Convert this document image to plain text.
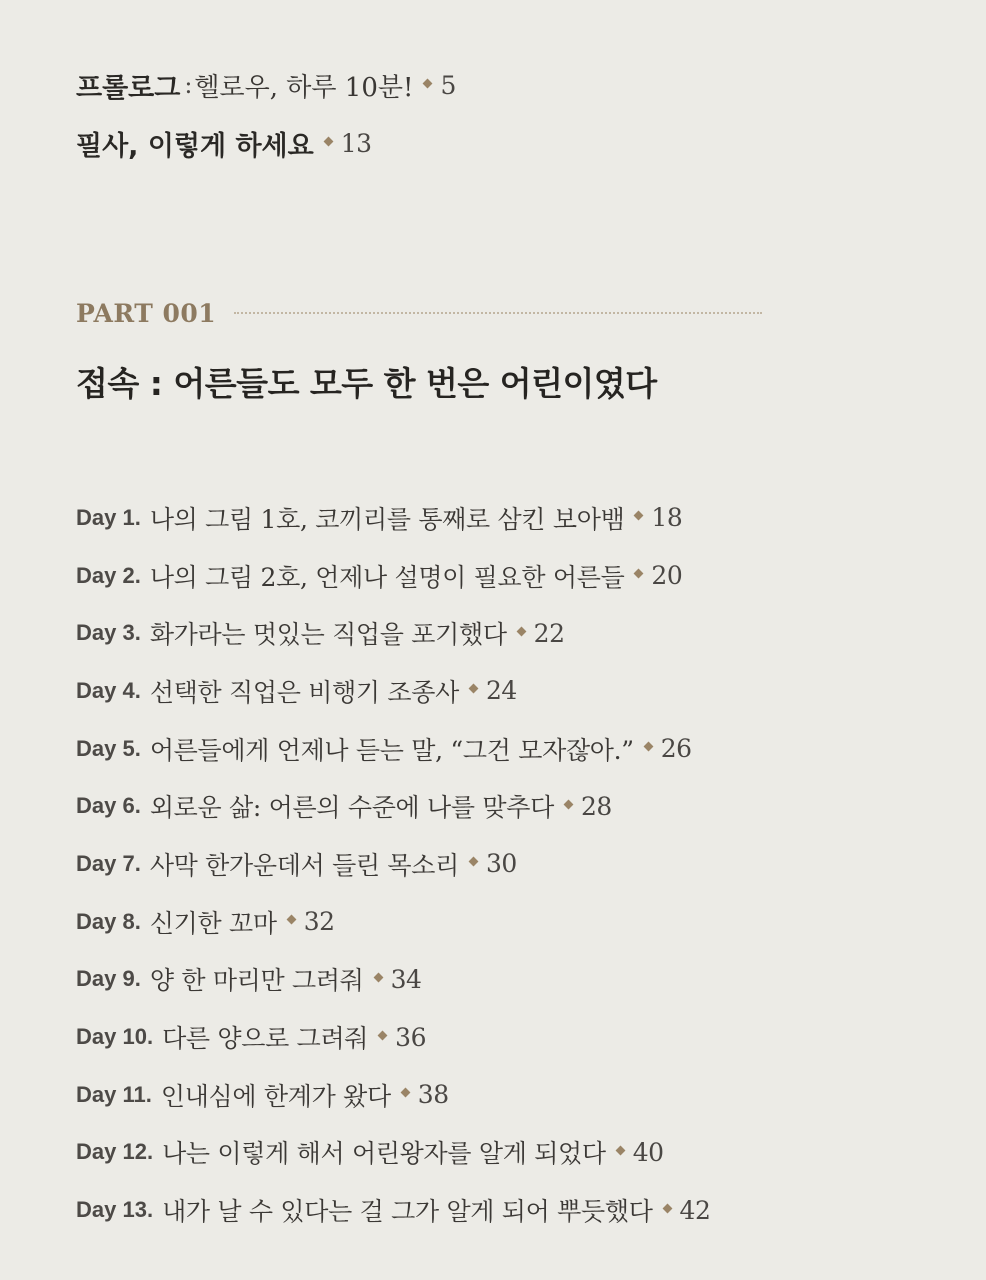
프롤로그 : 헬로우, 하루 10분! 5
필사, 이렇게 하세요 13
PART 001
접속 : 어른들도 모두 한 번은 어린이였다
Day 1. 나의 그림 1호, 코끼리를 통째로 삼킨 보아뱀 18
Day 2. 나의 그림 2호, 언제나 설명이 필요한 어른들 20
Day 3. 화가라는 멋있는 직업을 포기했다 22
Day 4. 선택한 직업은 비행기 조종사 24
Day 5. 어른들에게 언제나 듣는 말, “그건 모자잖아.” 26
Day 6. 외로운 삶: 어른의 수준에 나를 맞추다 28
Day 7. 사막 한가운데서 들린 목소리 30
Day 8. 신기한 꼬마 32
Day 9. 양 한 마리만 그려줘 34
Day 10. 다른 양으로 그려줘 36
Day 11. 인내심에 한계가 왔다 38
Day 12. 나는 이렇게 해서 어린왕자를 알게 되었다 40
Day 13. 내가 날 수 있다는 걸 그가 알게 되어 뿌듯했다 42
